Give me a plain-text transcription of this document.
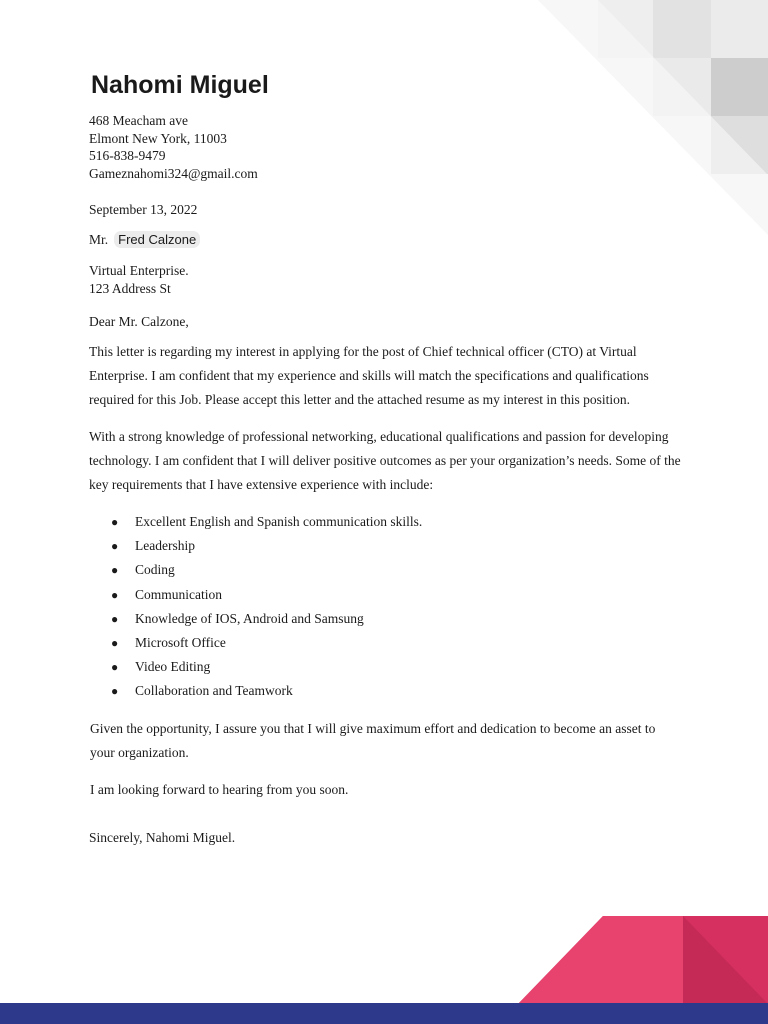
Nahomi Miguel
468 Meacham ave
Elmont New York, 11003
516-838-9479
Gameznahomi324@gmail.com
September 13, 2022
Mr. Fred Calzone
Virtual Enterprise.
123 Address St
Dear Mr. Calzone,

This letter is regarding my interest in applying for the post of Chief technical officer (CTO) at Virtual Enterprise. I am confident that my experience and skills will match the specifications and qualifications required for this Job. Please accept this letter and the attached resume as my interest in this position.

With a strong knowledge of professional networking, educational qualifications and passion for developing technology. I am confident that I will deliver positive outcomes as per your organization’s needs. Some of the key requirements that I have extensive experience with include:

● Excellent English and Spanish communication skills.
● Leadership
● Coding
● Communication
● Knowledge of IOS, Android and Samsung
● Microsoft Office
● Video Editing
● Collaboration and Teamwork

Given the opportunity, I assure you that I will give maximum effort and dedication to become an asset to your organization.

I am looking forward to hearing from you soon.

Sincerely, Nahomi Miguel.
